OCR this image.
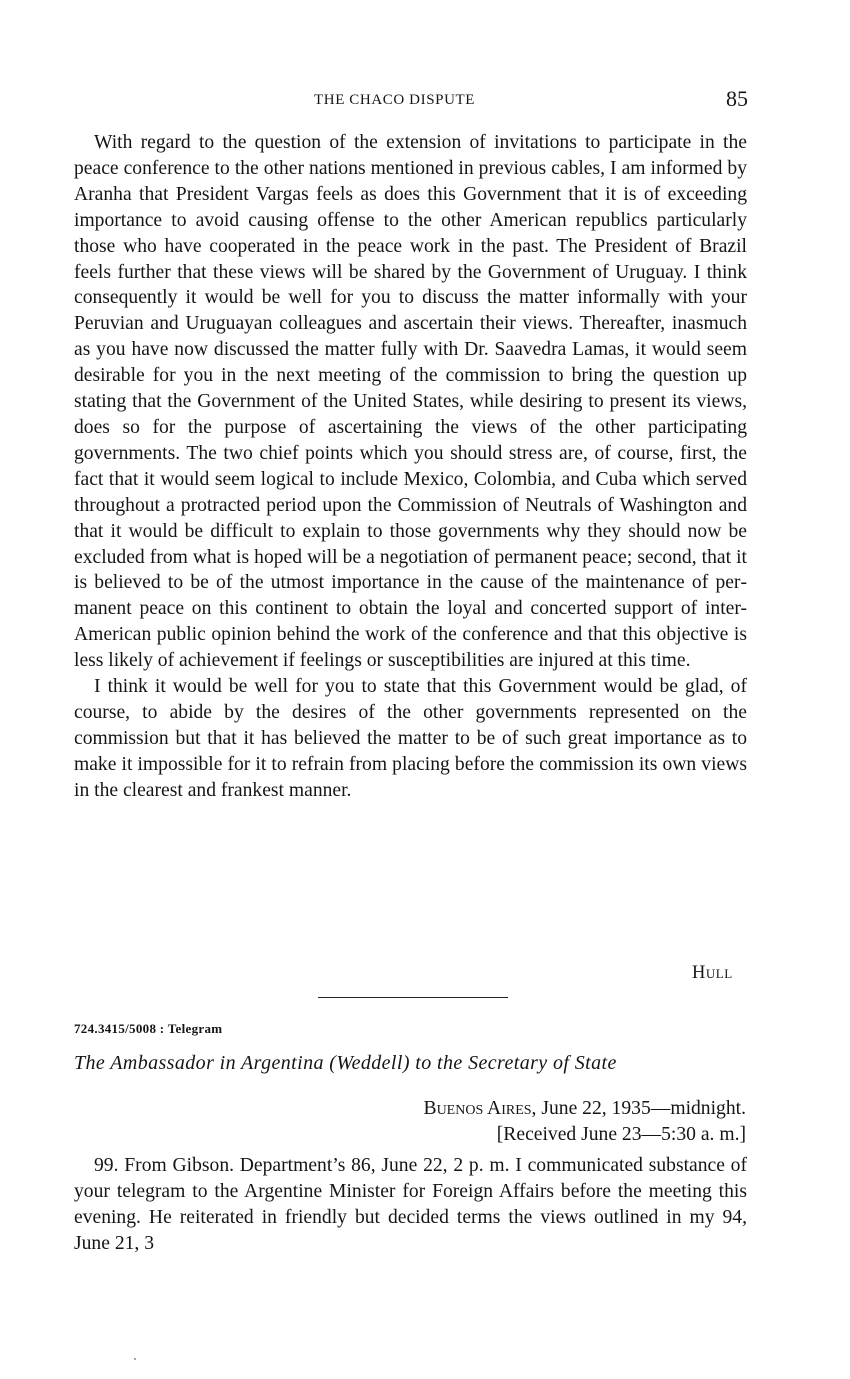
THE CHACO DISPUTE	85

With regard to the question of the extension of invitations to participate in the peace conference to the other nations mentioned in previous cables, I am informed by Aranha that President Vargas feels as does this Government that it is of exceeding importance to avoid causing offense to the other American republics particularly those who have cooperated in the peace work in the past. The President of Brazil feels further that these views will be shared by the Government of Uruguay. I think consequently it would be well for you to discuss the matter informally with your Peruvian and Uruguayan colleagues and ascertain their views. Thereafter, inasmuch as you have now discussed the matter fully with Dr. Saavedra Lamas, it would seem desirable for you in the next meeting of the commission to bring the question up stating that the Government of the United States, while desiring to present its views, does so for the purpose of ascertaining the views of the other participating governments. The two chief points which you should stress are, of course, first, the fact that it would seem logical to include Mexico, Colombia, and Cuba which served throughout a protracted period upon the Commission of Neutrals of Washington and that it would be difficult to explain to those governments why they should now be excluded from what is hoped will be a negotiation of permanent peace; second, that it is believed to be of the utmost importance in the cause of the maintenance of permanent peace on this continent to obtain the loyal and concerted support of inter-American public opinion behind the work of the conference and that this objective is less likely of achievement if feelings or susceptibilities are injured at this time.

I think it would be well for you to state that this Government would be glad, of course, to abide by the desires of the other governments represented on the commission but that it has believed the matter to be of such great importance as to make it impossible for it to refrain from placing before the commission its own views in the clearest and frankest manner.

Hull
724.3415/5008 : Telegram
The Ambassador in Argentina (Weddell) to the Secretary of State
Buenos Aires, June 22, 1935—midnight.
[Received June 23—5:30 a. m.]

99. From Gibson. Department’s 86, June 22, 2 p. m. I communicated substance of your telegram to the Argentine Minister for Foreign Affairs before the meeting this evening. He reiterated in friendly but decided terms the views outlined in my 94, June 21, 3
